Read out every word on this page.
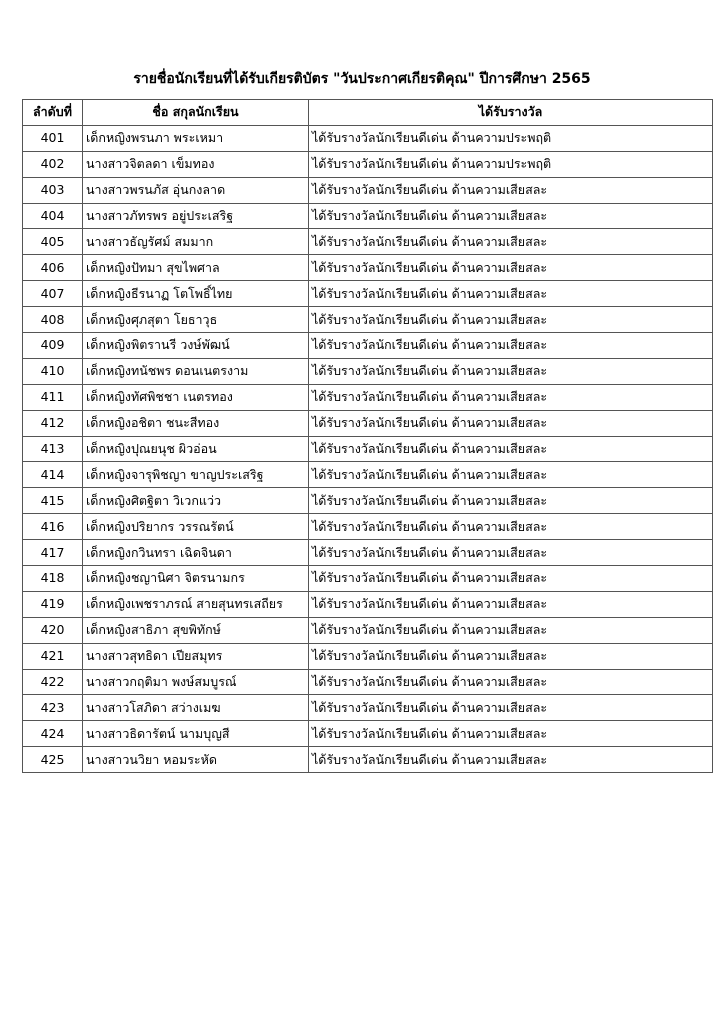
รายชื่อนักเรียนที่ได้รับเกียรติบัตร "วันประกาศเกียรติคุณ" ปีการศึกษา 2565
ลำดับที่	ชื่อ สกุลนักเรียน	ได้รับรางวัล
401	เด็กหญิงพรนภา พระเหมา	ได้รับรางวัลนักเรียนดีเด่น ด้านความประพฤติ
402	นางสาวจิตลดา เข็มทอง	ได้รับรางวัลนักเรียนดีเด่น ด้านความประพฤติ
403	นางสาวพรนภัส อุ่นกงลาด	ได้รับรางวัลนักเรียนดีเด่น ด้านความเสียสละ
404	นางสาวภัทรพร อยู่ประเสริฐ	ได้รับรางวัลนักเรียนดีเด่น ด้านความเสียสละ
405	นางสาวธัญรัศม์ สมมาก	ได้รับรางวัลนักเรียนดีเด่น ด้านความเสียสละ
406	เด็กหญิงปัทมา สุขไพศาล	ได้รับรางวัลนักเรียนดีเด่น ด้านความเสียสละ
407	เด็กหญิงธีรนาฏ โตโพธิ์ไทย	ได้รับรางวัลนักเรียนดีเด่น ด้านความเสียสละ
408	เด็กหญิงศุภสุตา โยธาวุธ	ได้รับรางวัลนักเรียนดีเด่น ด้านความเสียสละ
409	เด็กหญิงพิตรานรี วงษ์พัฒน์	ได้รับรางวัลนักเรียนดีเด่น ด้านความเสียสละ
410	เด็กหญิงทนัชพร ดอนเนตรงาม	ได้รับรางวัลนักเรียนดีเด่น ด้านความเสียสละ
411	เด็กหญิงทัศพิชชา เนตรทอง	ได้รับรางวัลนักเรียนดีเด่น ด้านความเสียสละ
412	เด็กหญิงอชิตา ชนะสีทอง	ได้รับรางวัลนักเรียนดีเด่น ด้านความเสียสละ
413	เด็กหญิงปุณยนุช ผิวอ่อน	ได้รับรางวัลนักเรียนดีเด่น ด้านความเสียสละ
414	เด็กหญิงจารุพิชญา ขาญประเสริฐ	ได้รับรางวัลนักเรียนดีเด่น ด้านความเสียสละ
415	เด็กหญิงศิตฐิตา วิเวกแว่ว	ได้รับรางวัลนักเรียนดีเด่น ด้านความเสียสละ
416	เด็กหญิงปริยากร วรรณรัตน์	ได้รับรางวัลนักเรียนดีเด่น ด้านความเสียสละ
417	เด็กหญิงกวินทรา เฉิดจินดา	ได้รับรางวัลนักเรียนดีเด่น ด้านความเสียสละ
418	เด็กหญิงชญานิศา จิตรนามกร	ได้รับรางวัลนักเรียนดีเด่น ด้านความเสียสละ
419	เด็กหญิงเพชราภรณ์ สายสุนทรเสถียร	ได้รับรางวัลนักเรียนดีเด่น ด้านความเสียสละ
420	เด็กหญิงสาธิภา สุขพิทักษ์	ได้รับรางวัลนักเรียนดีเด่น ด้านความเสียสละ
421	นางสาวสุทธิดา เปียสมุทร	ได้รับรางวัลนักเรียนดีเด่น ด้านความเสียสละ
422	นางสาวกฤติมา พงษ์สมบูรณ์	ได้รับรางวัลนักเรียนดีเด่น ด้านความเสียสละ
423	นางสาวโสภิดา สว่างเมฆ	ได้รับรางวัลนักเรียนดีเด่น ด้านความเสียสละ
424	นางสาวธิดารัตน์ นามบุญสี	ได้รับรางวัลนักเรียนดีเด่น ด้านความเสียสละ
425	นางสาวนวิยา หอมระหัด	ได้รับรางวัลนักเรียนดีเด่น ด้านความเสียสละ
